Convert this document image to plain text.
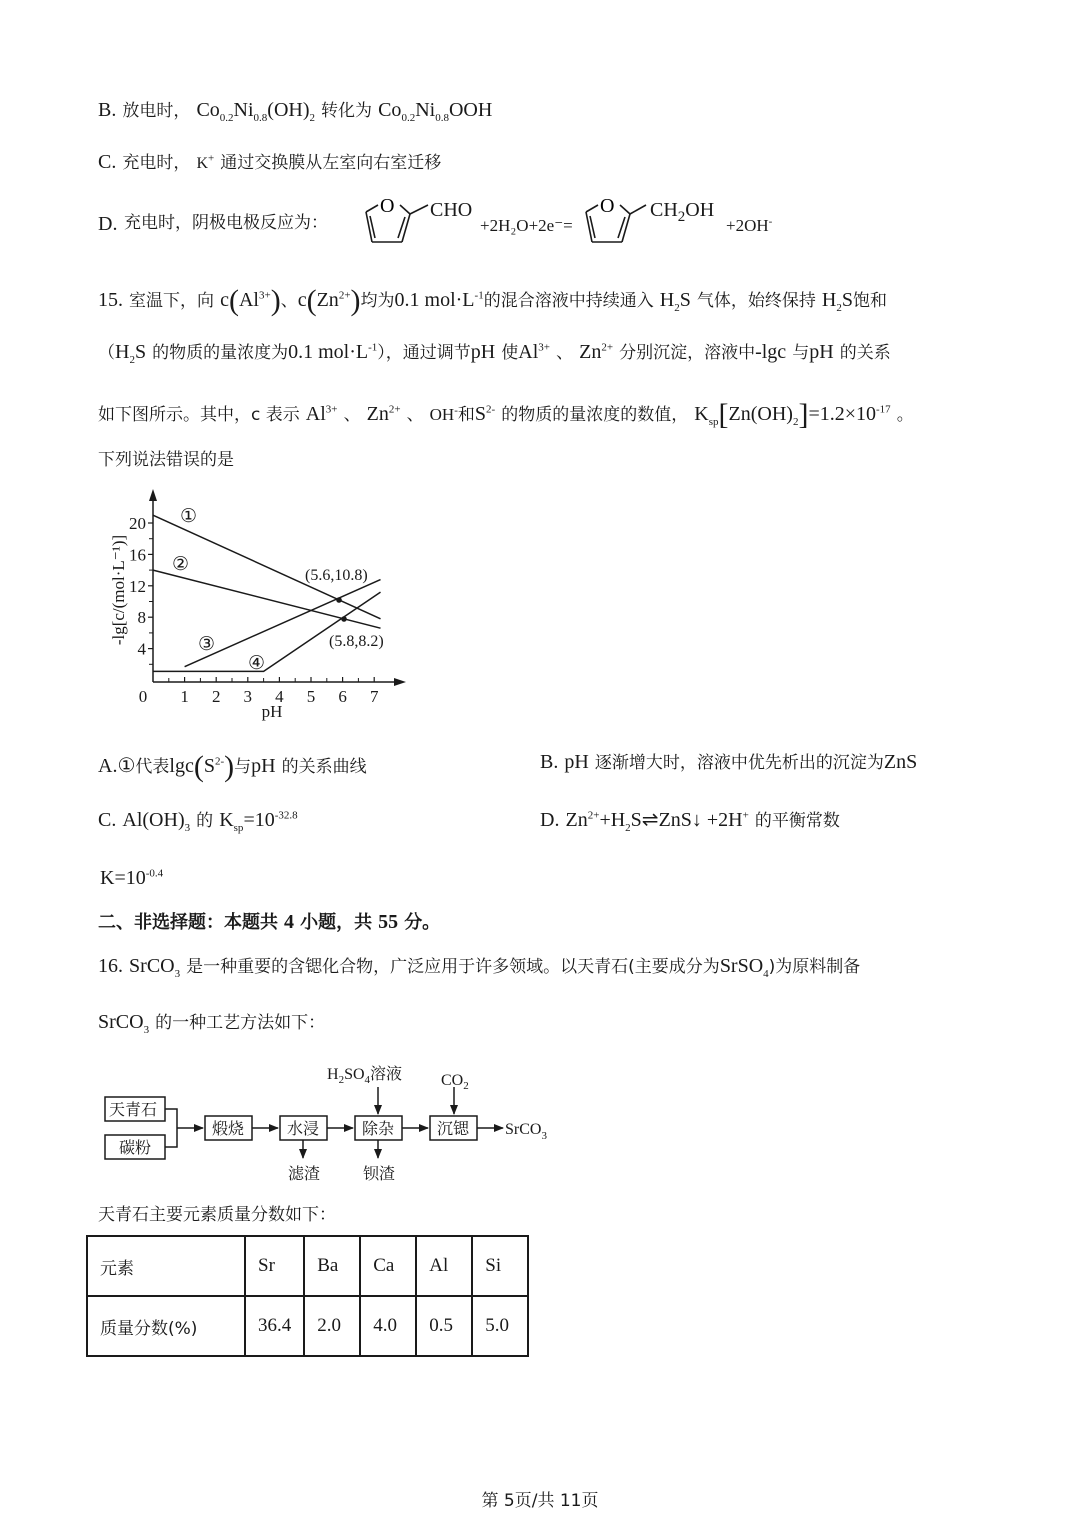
B. 放电时， $Co_{0.2}Ni_{0.8}(OH)_2$ 转化为 $Co_{0.2}Ni_{0.8}OOH$
C. 充电时， K+ 通过交换膜从左室向右室迁移
D. 充电时，阴极电极反应为：
O CHO
+2H₂O+2e⁻=
O $CH_2OH$
+2OH-
15. 室温下，向 $c(Al^{3+})$、$c(Zn^{2+})$均为0.1 $mol\cdot L^{-1}$的混合溶液中持续通入 $H_2S$ 气体，始终保持 $H_2S$饱和
（$H_2S$ 的物质的量浓度为0.1 $mol\cdot L^{-1}$），通过调节pH 使$Al^{3+}$ 、 $Zn^{2+}$ 分别沉淀，溶液中-lgc 与pH 的关系
如下图所示。其中，c 表示 $Al^{3+}$ 、 $Zn^{2+}$ 、 OH-和$S^{2-}$ 的物质的量浓度的数值， $K_{sp}[Zn(OH)_2]=1.2\times 10^{-17}$ 。
下列说法错误的是
0 1 2 3 4 5 6 7
4
8
12
16
20
pH
-lg[c/(mol·L⁻¹)]
①
②
③
④
(5.6,10.8)
(5.8,8.2)
A.①代表$\lg c(S^{2-})$与pH 的关系曲线	B. pH 逐渐增大时，溶液中优先析出的沉淀为ZnS
C. $Al(OH)_3$ 的 $K_{sp}=10^{-32.8}$	D. $Zn^{2+}+H_2S\rightleftharpoons ZnS↓ +2H^+$ 的平衡常数
$K=10^{-0.4}$
二、非选择题：本题共 4 小题，共 55 分。
16. SrCO$_3$ 是一种重要的含锶化合物，广泛应用于许多领域。以天青石(主要成分为SrSO$_4$)为原料制备
SrCO$_3$ 的一种工艺方法如下：
天青石
碳粉
煅烧	水浸	除杂	沉锶
滤渣	钡渣
SrCO$_3$
$H_2SO_4$溶液 $CO_2$
天青石主要元素质量分数如下：
元素	Sr	Ba	Ca	Al	Si
质量分数(%)	36.4	2.0	4.0	0.5	5.0
第 5页/共 11页
